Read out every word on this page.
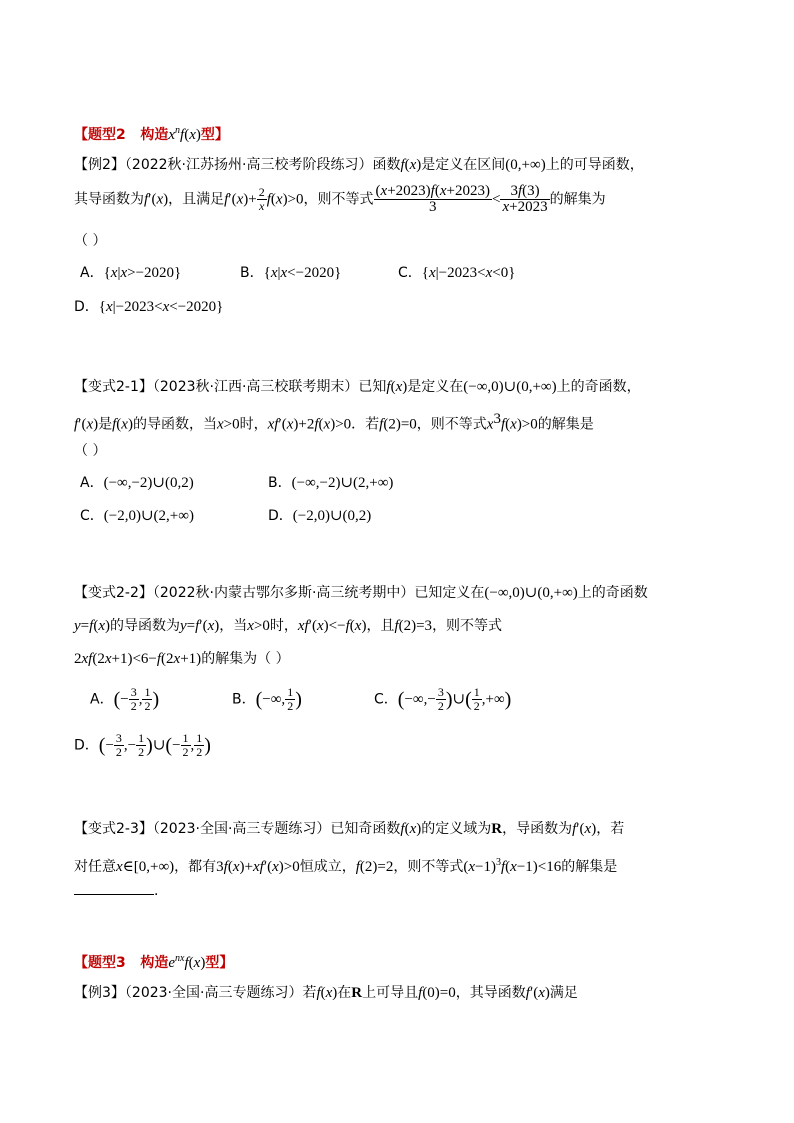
【题型2 构造$x^nf(x)$型】
【例2】（2022秋·江苏扬州·高三校考阶段练习）函数f(x)是定义在区间(0,+∞)上的可导函数，
其导函数为f′(x)，且满足$f'(x)+ \frac{2}{x} f(x)>0$，则不等式 $\frac{(x+2023)f(x+2023)}{3} < \frac{3f(3)}{x+2023}$ 的解集为
（ ）
A．{x|x>−2020}	B．{x|x<−2020}	C．{x|−2023<x<0}
D．{x|−2023<x<−2020}
【变式2-1】（2023秋·江西·高三校联考期末）已知f(x)是定义在(−∞,0)∪(0,+∞)上的奇函数，
f′(x)是f(x)的导函数，当x>0时，xf′(x)+2f(x)>0．若f(2)=0，则不等式$x^3f(x)>0$的解集是
（ ）
A．(−∞,−2)∪(0,2)	B．(−∞,−2)∪(2,+∞)
C．(−2,0)∪(2,+∞)	D．(−2,0)∪(0,2)
【变式2-2】（2022秋·内蒙古鄂尔多斯·高三统考期中）已知定义在(−∞,0)∪(0,+∞)上的奇函数
y=f(x)的导函数为y=f′(x)，当x>0时，xf′(x)<−f(x)，且f(2)=3，则不等式
2xf(2x+1)<6−f(2x+1)的解集为（ ）
A．(− $\frac{3}{2}$ , $\frac{1}{2}$ )	B．(−∞, $\frac{1}{2}$ )	C．(−∞,− $\frac{3}{2}$ )∪( $\frac{1}{2}$ ,+∞)
D．(− $\frac{3}{2}$ ,− $\frac{1}{2}$ )∪(− $\frac{1}{2}$ , $\frac{1}{2}$ )
【变式2-3】（2023·全国·高三专题练习）已知奇函数f(x)的定义域为R，导函数为f′(x)，若
对任意x∈[0,+∞)，都有3f(x)+xf′(x)>0恒成立，f(2)=2，则不等式$(x-1)^3f(x-1)<16$的解集是
.
【题型3 构造$e^{nx}f(x)$型】
【例3】（2023·全国·高三专题练习）若f(x)在R上可导且f(0)=0，其导函数f′(x)满足
